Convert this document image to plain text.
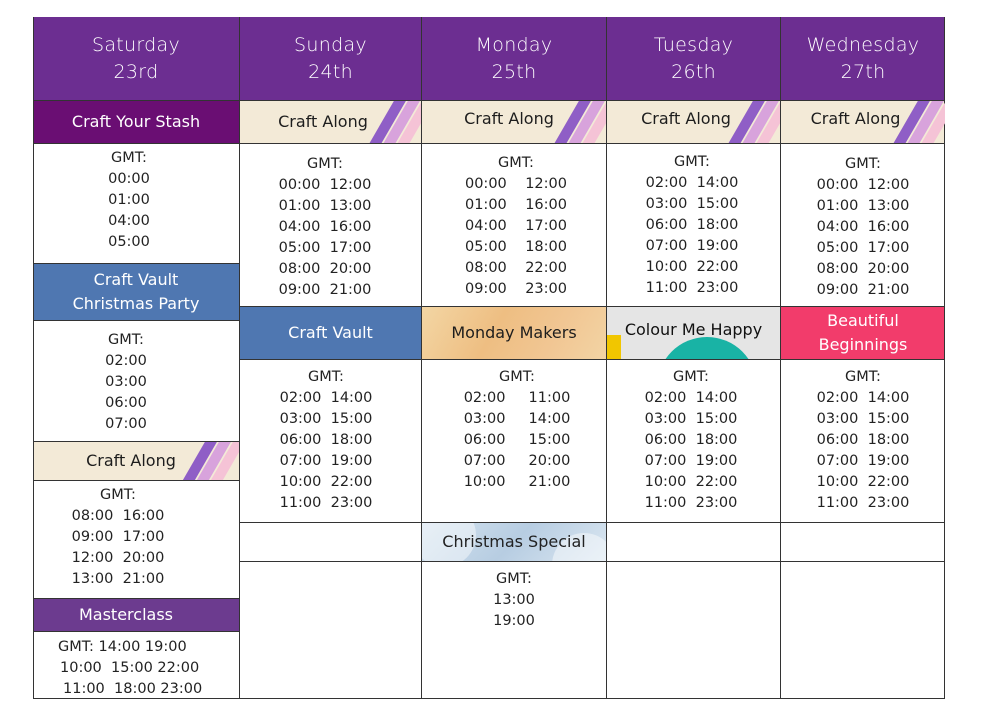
Saturday
23rd
Sunday
24th
Monday
25th
Tuesday
26th
Wednesday
27th
Craft Your Stash
GMT:
00:00
01:00
04:00
05:00
Craft Vault
Christmas Party
GMT:
02:00
03:00
06:00
07:00
Craft Along
GMT:
08:00  16:00
09:00  17:00
12:00  20:00
13:00  21:00
Masterclass
GMT: 14:00 19:00
10:00  15:00 22:00
11:00  18:00 23:00
Craft Along
GMT:
00:00  12:00
01:00  13:00
04:00  16:00
05:00  17:00
08:00  20:00
09:00  21:00
Craft Vault
GMT:
02:00  14:00
03:00  15:00
06:00  18:00
07:00  19:00
10:00  22:00
11:00  23:00
Craft Along
GMT:
00:00    12:00
01:00    16:00
04:00    17:00
05:00    18:00
08:00    22:00
09:00    23:00
Monday Makers
GMT:
02:00     11:00
03:00     14:00
06:00     15:00
07:00     20:00
10:00     21:00
Christmas Special
GMT:
13:00
19:00
Craft Along
GMT:
02:00  14:00
03:00  15:00
06:00  18:00
07:00  19:00
10:00  22:00
11:00  23:00
Colour Me Happy
GMT:
02:00  14:00
03:00  15:00
06:00  18:00
07:00  19:00
10:00  22:00
11:00  23:00
Craft Along
GMT:
00:00  12:00
01:00  13:00
04:00  16:00
05:00  17:00
08:00  20:00
09:00  21:00
Beautiful
Beginnings
GMT:
02:00  14:00
03:00  15:00
06:00  18:00
07:00  19:00
10:00  22:00
11:00  23:00
